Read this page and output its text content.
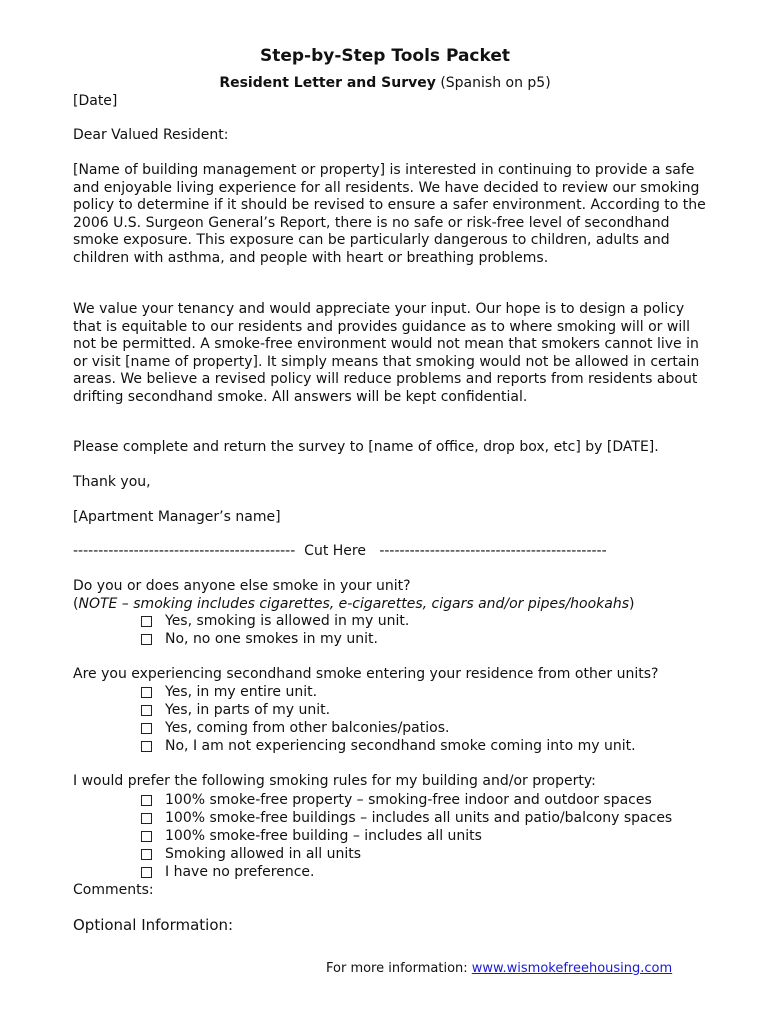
Step-by-Step Tools Packet
Resident Letter and Survey (Spanish on p5)
[Date]
Dear Valued Resident:
[Name of building management or property] is interested in continuing to provide a safe and enjoyable living experience for all residents. We have decided to review our smoking policy to determine if it should be revised to ensure a safer environment. According to the 2006 U.S. Surgeon General’s Report, there is no safe or risk-free level of secondhand smoke exposure. This exposure can be particularly dangerous to children, adults and children with asthma, and people with heart or breathing problems.
We value your tenancy and would appreciate your input. Our hope is to design a policy that is equitable to our residents and provides guidance as to where smoking will or will not be permitted. A smoke-free environment would not mean that smokers cannot live in or visit [name of property]. It simply means that smoking would not be allowed in certain areas. We believe a revised policy will reduce problems and reports from residents about drifting secondhand smoke. All answers will be kept confidential.
Please complete and return the survey to [name of office, drop box, etc] by [DATE].
Thank you,
[Apartment Manager’s name]
--------------------------------------------  Cut Here   ---------------------------------------------
Do you or does anyone else smoke in your unit?
(NOTE – smoking includes cigarettes, e-cigarettes, cigars and/or pipes/hookahs)
Yes, smoking is allowed in my unit.
No, no one smokes in my unit.
Are you experiencing secondhand smoke entering your residence from other units?
Yes, in my entire unit.
Yes, in parts of my unit.
Yes, coming from other balconies/patios.
No, I am not experiencing secondhand smoke coming into my unit.
I would prefer the following smoking rules for my building and/or property:
100% smoke-free property – smoking-free indoor and outdoor spaces
100% smoke-free buildings – includes all units and patio/balcony spaces
100% smoke-free building – includes all units
Smoking allowed in all units
I have no preference.
Comments:
Optional Information:
For more information: www.wismokefreehousing.com
